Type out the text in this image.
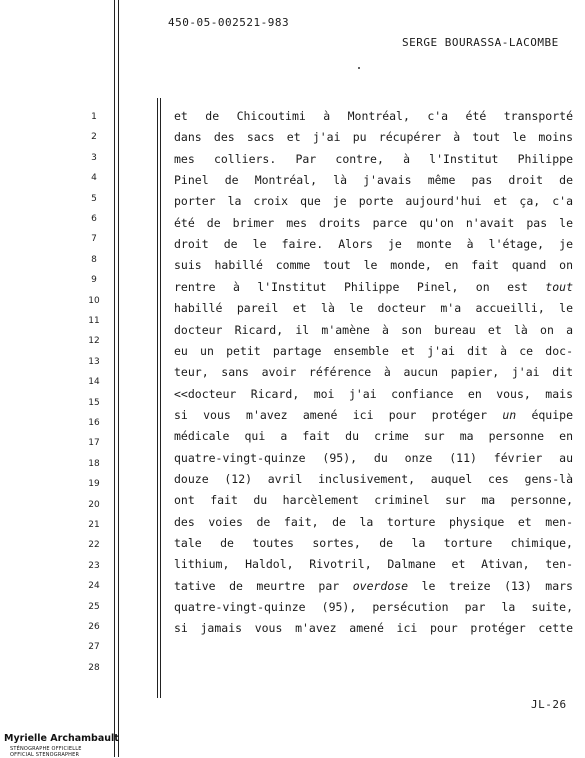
450-05-002521-983
SERGE BOURASSA-LACOMBE
1
2
3
4
5
6
7
8
9
10
11
12
13
14
15
16
17
18
19
20
21
22
23
24
25
26
27
28
et de Chicoutimi à Montréal, c'a été transporté
dans des sacs et j'ai pu récupérer à tout le moins
mes colliers. Par contre, à l'Institut Philippe
Pinel de Montréal, là j'avais même pas droit de
porter la croix que je porte aujourd'hui et ça, c'a
été de brimer mes droits parce qu'on n'avait pas le
droit de le faire. Alors je monte à l'étage, je
suis habillé comme tout le monde, en fait quand on
rentre à l'Institut Philippe Pinel, on est tout
habillé pareil et là le docteur m'a accueilli, le
docteur Ricard, il m'amène à son bureau et là on a
eu un petit partage ensemble et j'ai dit à ce doc-
teur, sans avoir référence à aucun papier, j'ai dit
<<docteur Ricard, moi j'ai confiance en vous, mais
si vous m'avez amené ici pour protéger un équipe
médicale qui a fait du crime sur ma personne en
quatre-vingt-quinze (95), du onze (11) février au
douze (12) avril inclusivement, auquel ces gens-là
ont fait du harcèlement criminel sur ma personne,
des voies de fait, de la torture physique et men-
tale de toutes sortes, de la torture chimique,
lithium, Haldol, Rivotril, Dalmane et Ativan, ten-
tative de meurtre par overdose le treize (13) mars
quatre-vingt-quinze (95), persécution par la suite,
si jamais vous m'avez amené ici pour protéger cette
JL-26
Myrielle Archambault
STÉNOGRAPHE OFFICIELLE
OFFICIAL STENOGRAPHER
